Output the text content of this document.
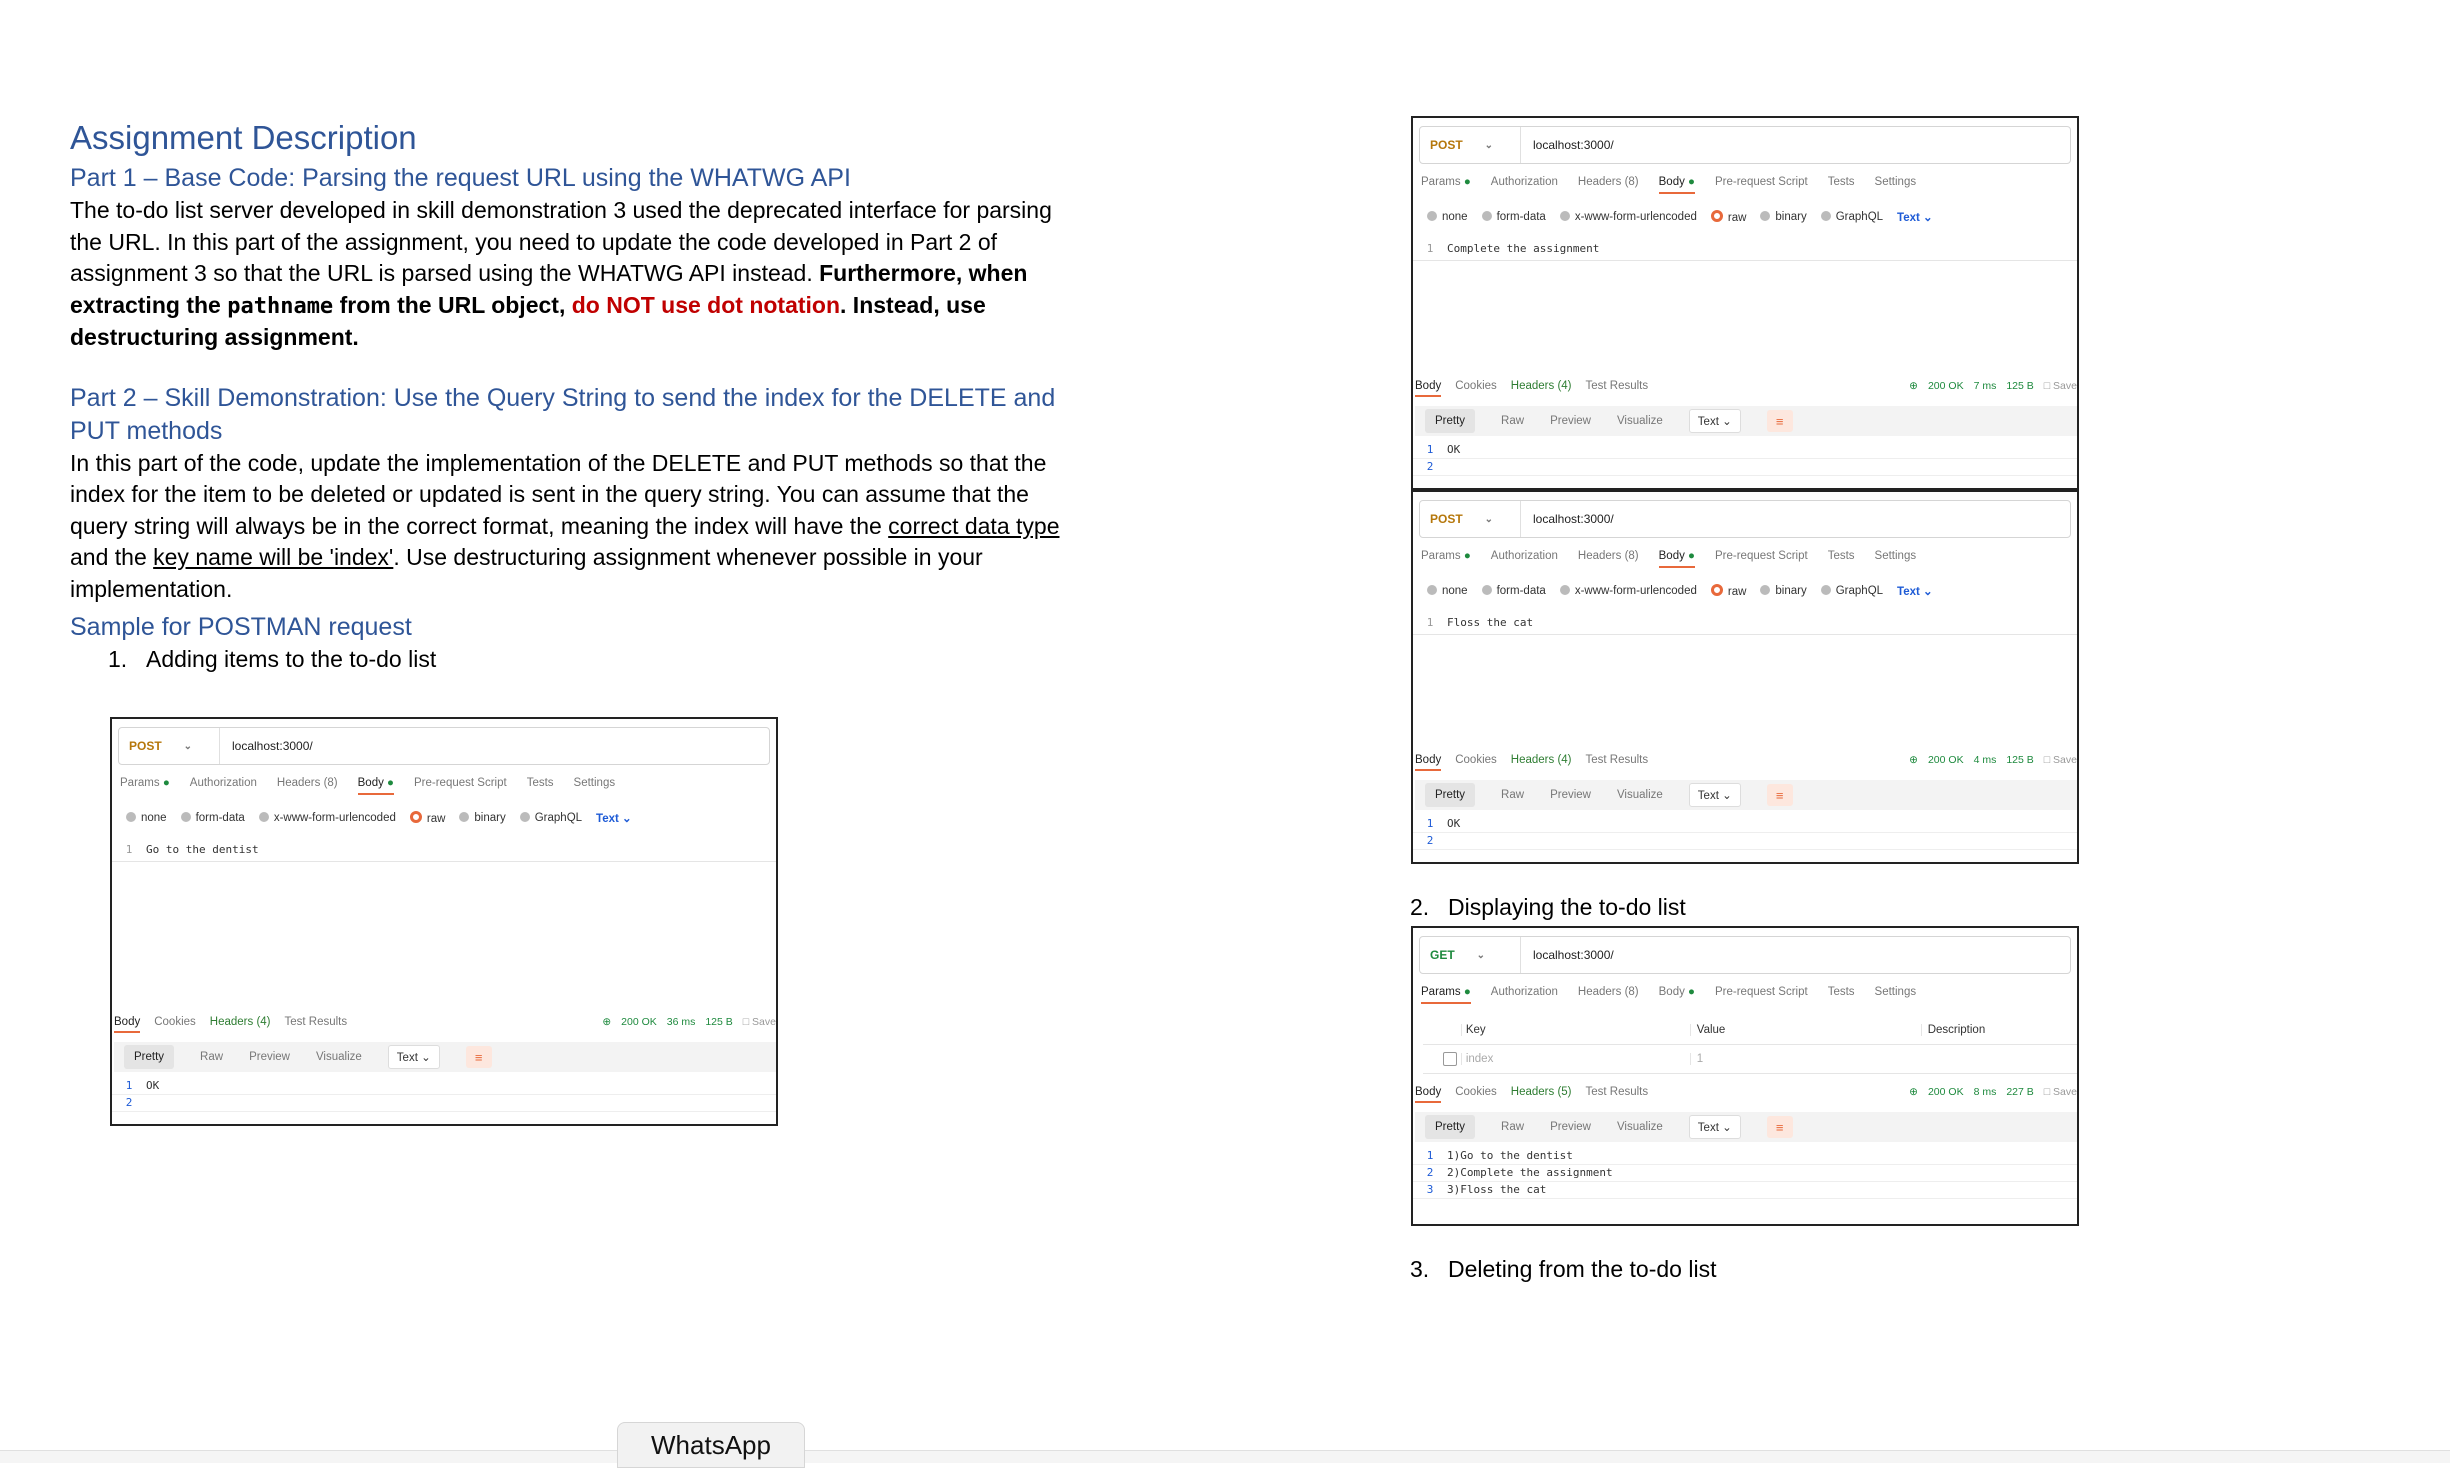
Assignment Description
Part 1 – Base Code: Parsing the request URL using the WHATWG API

The to-do list server developed in skill demonstration 3 used the deprecated interface for parsing the URL. In this part of the assignment, you need to update the code developed in Part 2 of assignment 3 so that the URL is parsed using the WHATWG API instead. Furthermore, when extracting the pathname from the URL object, do NOT use dot notation. Instead, use destructuring assignment.

Part 2 – Skill Demonstration: Use the Query String to send the index for the DELETE and PUT methods

In this part of the code, update the implementation of the DELETE and PUT methods so that the index for the item to be deleted or updated is sent in the query string. You can assume that the query string will always be in the correct format, meaning the index will have the correct data type and the key name will be 'index'. Use destructuring assignment whenever possible in your implementation.

Sample for POSTMAN request
1. Adding items to the to-do list
POST ⌄	localhost:3000/
Params ● Authorization Headers (8) Body ● Pre-request Script Tests Settings
none	form-data	x-www-form-urlencoded	raw	binary	GraphQL Text ⌄
1 Go to the dentist
Body Cookies Headers (4) Test Results	⊕ 200 OK 36 ms 125 B □ Save
Pretty	Raw Preview Visualize	Text ⌄	≡
1 OK
2
POST ⌄	localhost:3000/
Params ● Authorization Headers (8) Body ● Pre-request Script Tests Settings
none	form-data	x-www-form-urlencoded	raw	binary	GraphQL Text ⌄
1 Complete the assignment
Body Cookies Headers (4) Test Results	⊕ 200 OK 7 ms 125 B □ Save
Pretty	Raw Preview Visualize	Text ⌄	≡
1 OK
2
POST ⌄	localhost:3000/
Params ● Authorization Headers (8) Body ● Pre-request Script Tests Settings
none	form-data	x-www-form-urlencoded	raw	binary	GraphQL Text ⌄
1 Floss the cat
Body Cookies Headers (4) Test Results	⊕ 200 OK 4 ms 125 B □ Save
Pretty	Raw Preview Visualize	Text ⌄	≡
1 OK
2
2. Displaying the to-do list
GET ⌄	localhost:3000/
Params ● Authorization Headers (8) Body ● Pre-request Script Tests Settings
Key	Value	Description
index	1
Body Cookies Headers (5) Test Results	⊕ 200 OK 8 ms 227 B □ Save
Pretty	Raw Preview Visualize	Text ⌄	≡
1 1)Go to the dentist
2 2)Complete the assignment
3 3)Floss the cat
3. Deleting from the to-do list
WhatsApp
